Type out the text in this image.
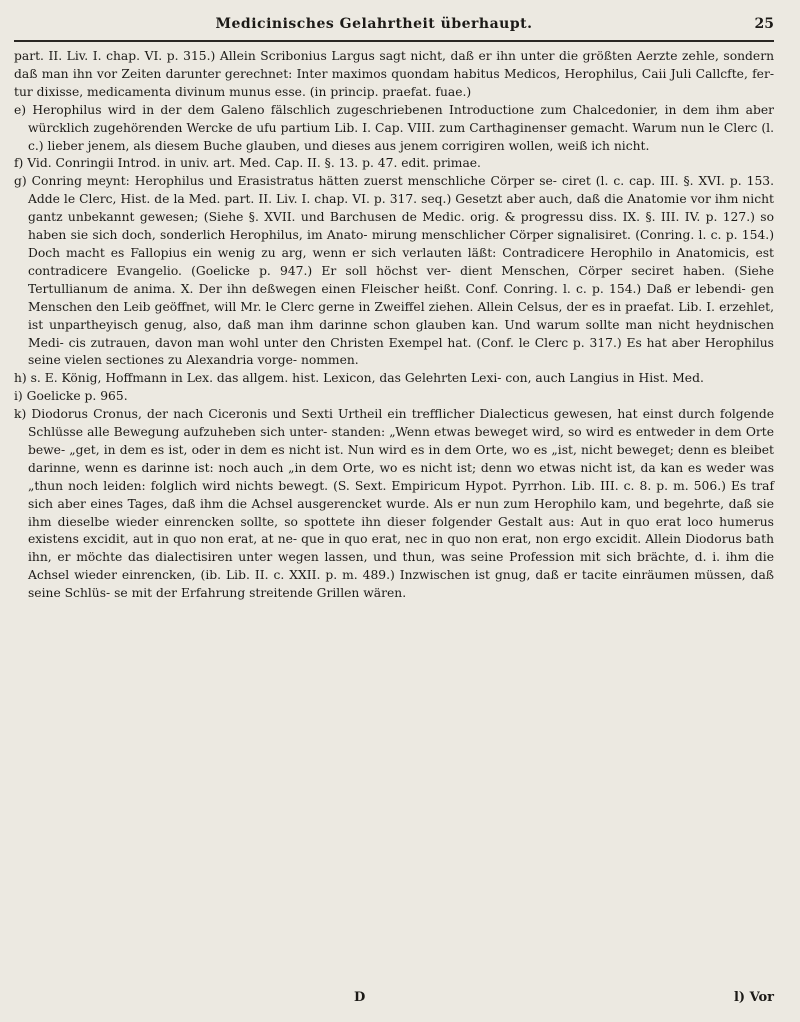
Medicinisches Gelahrtheit überhaupt.	25

part. II. Liv. I. chap. VI. p. 315.) Allein Scribonius Largus sagt nicht, daß er ihn unter die größten Aerzte zehle, sondern daß man ihn vor Zeiten darunter gerechnet: Inter maximos quondam habitus Medicos, Herophilus, Caii Juli Callcfte, fer- tur dixisse, medicamenta divinum munus esse. (in princip. praefat. fuae.)

e) Herophilus wird in der dem Galeno fälschlich zugeschriebenen Introductione zum Chalcedonier, in dem ihm aber würcklich zugehörenden Wercke de ufu partium Lib. I. Cap. VIII. zum Carthaginenser gemacht. Warum nun le Clerc (l. c.) lieber jenem, als diesem Buche glauben, und dieses aus jenem corrigiren wollen, weiß ich nicht.

f) Vid. Conringii Introd. in univ. art. Med. Cap. II. §. 13. p. 47. edit. primae.

g) Conring meynt: Herophilus und Erasistratus hätten zuerst menschliche Cörper se- ciret (l. c. cap. III. §. XVI. p. 153. Adde le Clerc, Hist. de la Med. part. II. Liv. I. chap. VI. p. 317. seq.) Gesetzt aber auch, daß die Anatomie vor ihm nicht gantz unbekannt gewesen; (Siehe §. XVII. und Barchusen de Medic. orig. & progressu diss. IX. §. III. IV. p. 127.) so haben sie sich doch, sonderlich Herophilus, im Anato- mirung menschlicher Cörper signalisiret. (Conring. l. c. p. 154.) Doch macht es Fallopius ein wenig zu arg, wenn er sich verlauten läßt: Contradicere Herophilo in Anatomicis, est contradicere Evangelio. (Goelicke p. 947.) Er soll höchst ver- dient Menschen, Cörper seciret haben. (Siehe Tertullianum de anima. X. Der ihn deßwegen einen Fleischer heißt. Conf. Conring. l. c. p. 154.) Daß er lebendi- gen Menschen den Leib geöffnet, will Mr. le Clerc gerne in Zweiffel ziehen. Allein Celsus, der es in praefat. Lib. I. erzehlet, ist unpartheyisch genug, also, daß man ihm darinne schon glauben kan. Und warum sollte man nicht heydnischen Medi- cis zutrauen, davon man wohl unter den Christen Exempel hat. (Conf. le Clerc p. 317.) Es hat aber Herophilus seine vielen sectiones zu Alexandria vorge- nommen.

h) s. E. König, Hoffmann in Lex. das allgem. hist. Lexicon, das Gelehrten Lexi- con, auch Langius in Hist. Med.

i) Goelicke p. 965.

k) Diodorus Cronus, der nach Ciceronis und Sexti Urtheil ein trefflicher Dialecticus gewesen, hat einst durch folgende Schlüsse alle Bewegung aufzuheben sich unter- standen: „Wenn etwas beweget wird, so wird es entweder in dem Orte bewe- „get, in dem es ist, oder in dem es nicht ist. Nun wird es in dem Orte, wo es „ist, nicht beweget; denn es bleibet darinne, wenn es darinne ist: noch auch „in dem Orte, wo es nicht ist; denn wo etwas nicht ist, da kan es weder was „thun noch leiden: folglich wird nichts bewegt. (S. Sext. Empiricum Hypot. Pyrrhon. Lib. III. c. 8. p. m. 506.) Es traf sich aber eines Tages, daß ihm die Achsel ausgerencket wurde. Als er nun zum Herophilo kam, und begehrte, daß sie ihm dieselbe wieder einrencken sollte, so spottete ihn dieser folgender Gestalt aus: Aut in quo erat loco humerus existens excidit, aut in quo non erat, at ne- que in quo erat, nec in quo non erat, non ergo excidit. Allein Diodorus bath ihn, er möchte das dialectisiren unter wegen lassen, und thun, was seine Profession mit sich brächte, d. i. ihm die Achsel wieder einrencken, (ib. Lib. II. c. XXII. p. m. 489.) Inzwischen ist gnug, daß er tacite einräumen müssen, daß seine Schlüs- se mit der Erfahrung streitende Grillen wären.

D	l) Vor
